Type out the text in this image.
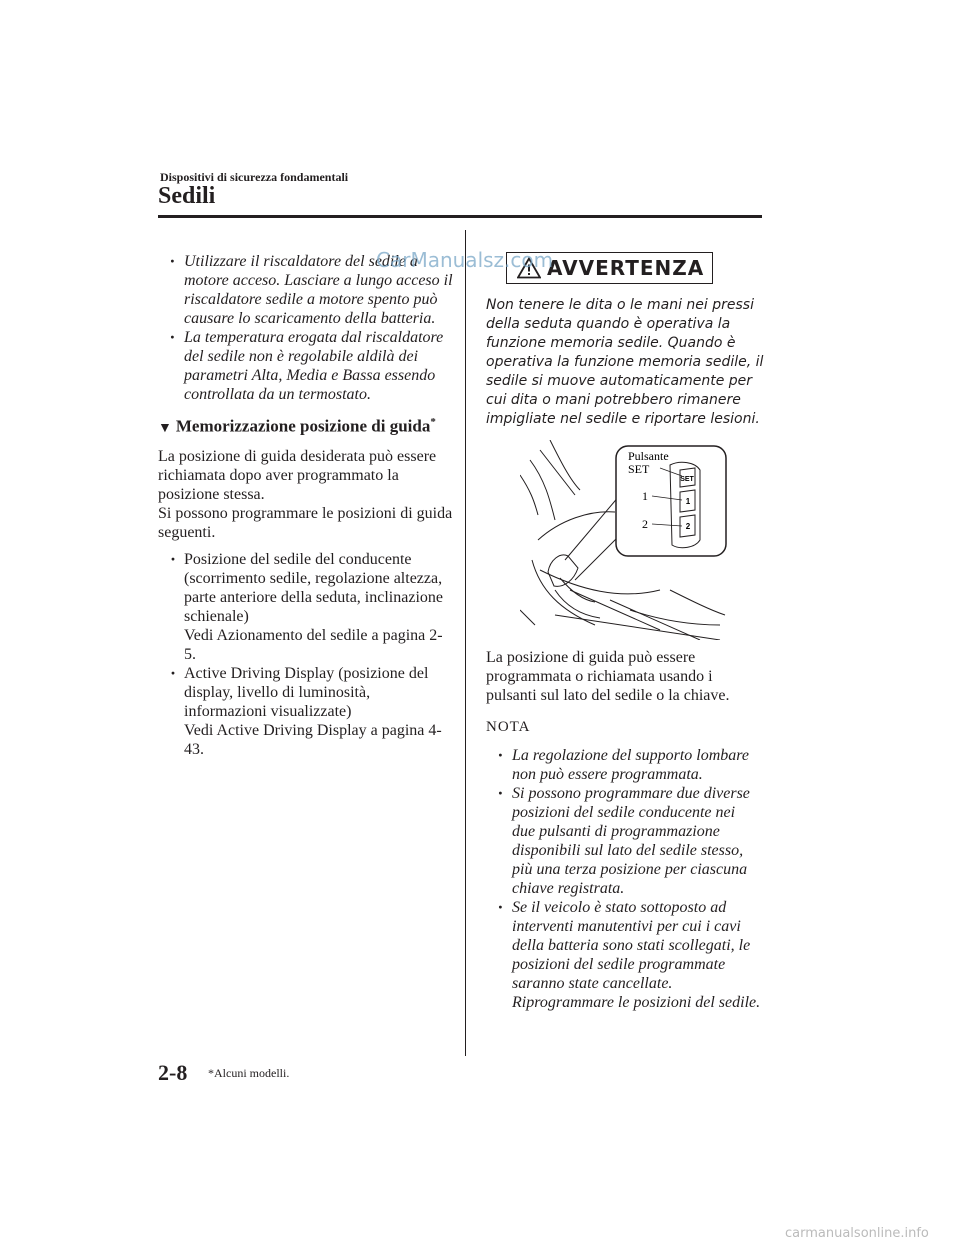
Dispositivi di sicurezza fondamentali
Sedili
· Utilizzare il riscaldatore del sedile a motore acceso. Lasciare a lungo acceso il riscaldatore sedile a motore spento può causare lo scaricamento della batteria.
· La temperatura erogata dal riscaldatore del sedile non è regolabile aldilà dei parametri Alta, Media e Bassa essendo controllata da un termostato.
▼ Memorizzazione posizione di guida*

La posizione di guida desiderata può essere richiamata dopo aver programmato la posizione stessa.

Si possono programmare le posizioni di guida seguenti.

· Posizione del sedile del conducente (scorrimento sedile, regolazione altezza, parte anteriore della seduta, inclinazione schienale)
Vedi Azionamento del sedile a pagina 2-5.
· Active Driving Display (posizione del display, livello di luminosità, informazioni visualizzate)
Vedi Active Driving Display a pagina 4-43.
AVVERTENZA

Non tenere le dita o le mani nei pressi della seduta quando è operativa la funzione memoria sedile. Quando è operativa la funzione memoria sedile, il sedile si muove automaticamente per cui dita o mani potrebbero rimanere impigliate nel sedile e riportare lesioni.

SET
1
2
Pulsante
SET
1
2

La posizione di guida può essere programmata o richiamata usando i pulsanti sul lato del sedile o la chiave.

NOTA
· La regolazione del supporto lombare non può essere programmata.
· Si possono programmare due diverse posizioni del sedile conducente nei due pulsanti di programmazione disponibili sul lato del sedile stesso, più una terza posizione per ciascuna chiave registrata.
· Se il veicolo è stato sottoposto ad interventi manutentivi per cui i cavi della batteria sono stati scollegati, le posizioni del sedile programmate saranno state cancellate. Riprogrammare le posizioni del sedile.
2-8 *Alcuni modelli.
CarManualsz.com
carmanualsonline.info
